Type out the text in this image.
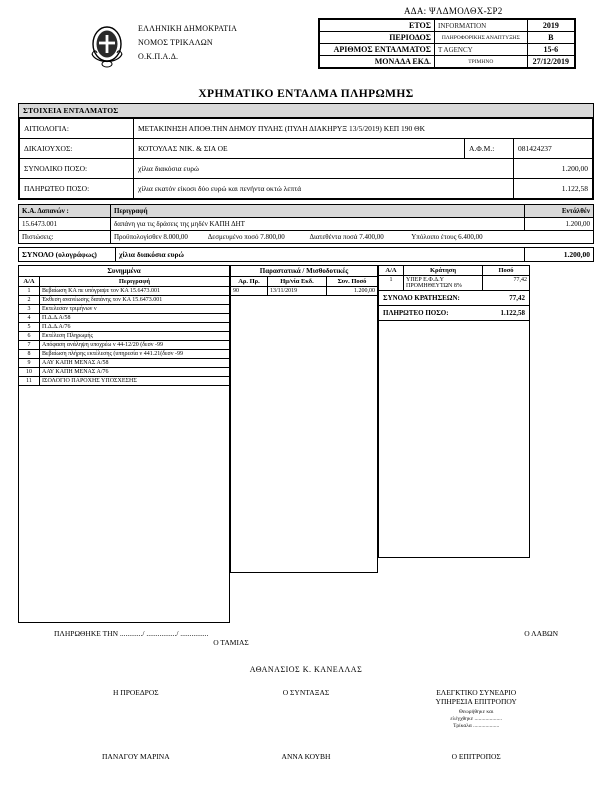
ΑΔΑ: ΨΛΔΜΟΛΘΧ-ΣΡ2
ΕΛΛΗΝΙΚΗ ΔΗΜΟΚΡΑΤΙΑ
ΝΟΜΟΣ ΤΡΙΚΑΛΩΝ
Ο.Κ.Π.Α.Δ.
ΕΤΟΣ	INFORMATION	2019
ΠΕΡΙΟΔΟΣ	ΠΛΗΡΟΦΟΡΙΚΗΣ ΑΝΑΠΤΥΞΗΣ	Β
ΑΡΙΘΜΟΣ ΕΝΤΑΛΜΑΤΟΣ	T AGENCY	15-6
ΜΟΝΑΔΑ ΕΚΔ.	ΤΡΙΜΗΝΟ	27/12/2019
ΧΡΗΜΑΤΙΚΟ ΕΝΤΑΛΜΑ ΠΛΗΡΩΜΗΣ
ΣΤΟΙΧΕΙΑ ΕΝΤΑΛΜΑΤΟΣ
ΑΙΤΙΟΛΟΓΙΑ:	ΜΕΤΑΚΙΝΗΣΗ ΑΠΟΘ.ΤΗΝ ΔΗΜΟΥ ΠΥΛΗΣ (ΠΥΛΗ ΔΙΑΚΗΡΥΞ 13/5/2019) ΚΕΠ 190 ΘΚ		
ΔΙΚΑΙΟΥΧΟΣ:	ΚΟΤΟΥΛΑΣ ΝΙΚ. & ΣΙΑ ΟΕ	Α.Φ.Μ.:	081424237
ΣΥΝΟΛΙΚΟ ΠΟΣΟ:	χίλια διακόσια ευρώ		1.200,00
ΠΛΗΡΩΤΕΟ ΠΟΣΟ:	χίλια εκατόν είκοσι δύο ευρώ και πενήντα οκτώ λεπτά		1.122,58
Κ.Α. Δαπανών :	Περιγραφή	Εντάλθέν
15.6473.001	δαπάνη για τις δράσεις της μηδέν ΚΑΠΗ ΔΗΤ	1.200,00
Πιστώσεις:	Προϋπολογίσθεν 8.000,00 Δεσμευμένο ποσό 7.800,00 Διατεθέντα ποσά 7.400,00 Υπόλοιπο έτους 6.400,00	
ΣΥΝΟΛΟ (ολογράφως)	χίλια διακόσια ευρώ	1.200,00
Συνημμένα
Α/Α	Περιγραφή
1	Βεβαίωση ΚΑ πε υπόγραψε τον ΚΑ 15.6473.001
2	Έκθεση ανανέωσης δαπάνης τον ΚΑ 15.6473.001
3	Εκτελεσαν τριμήνων ν
4	Π.Δ.Δ.Α/58
5	Π.Δ.Δ.Α/76
6	Εκτέλεση Πληρωμής
7	Απόφαση ανάληψη υποχρέω ν 44-12/20 (δεσν -99
8	Βεβαίωση πλήρης εκτέλεσης (υπηρεσία ν 441.21(δεσν -99
9	ΑΑΥ ΚΑΠΗ ΜΕΝΑΣ Α/58
10	ΑΑΥ ΚΑΠΗ ΜΕΝΑΣ Α/76
11	ΙΣΟΛΟΓΙΟ ΠΑΡΟΧΗΣ ΥΠΟΣΧΕΣΗΣ
Παραστατικά / Μισθοδοτικές
Αρ. Πρ.	Ημ/νία Εκδ.	Συν. Ποσό
90	13/11/2019	1.200,00
Α/Α	Κράτηση	Ποσό
1	ΥΠΕΡ Ε.Φ.Δ.Υ ΠΡΟΜΗΘΕΥΤΩΝ 8%	77,42
ΣΥΝΟΛΟ ΚΡΑΤΗΣΕΩΝ:	77,42
ΠΛΗΡΩΤΕΟ ΠΟΣΟ:	1.122,58
ΠΛΗΡΩΘΗΚΕ ΤΗΝ ............/ ................/ ...............	Ο ΛΑΒΩΝ
Ο ΤΑΜΙΑΣ
ΑΘΑΝΑΣΙΟΣ Κ. ΚΑΝΕΛΛΑΣ
Η ΠΡΟΕΔΡΟΣ	Ο ΣΥΝΤΑΞΑΣ	ΕΛΕΓΚΤΙΚΟ ΣΥΝΕΔΡΙΟ
ΥΠΗΡΕΣΙΑ ΕΠΙΤΡΟΠΟΥ
Θεωρήθηκε και
ελέγχθηκε ....................
Τρίκαλα ...................
ΠΑΝΑΓΟΥ ΜΑΡΙΝΑ	ΑΝΝΑ ΚΟΥΒΗ	Ο ΕΠΙΤΡΟΠΟΣ
